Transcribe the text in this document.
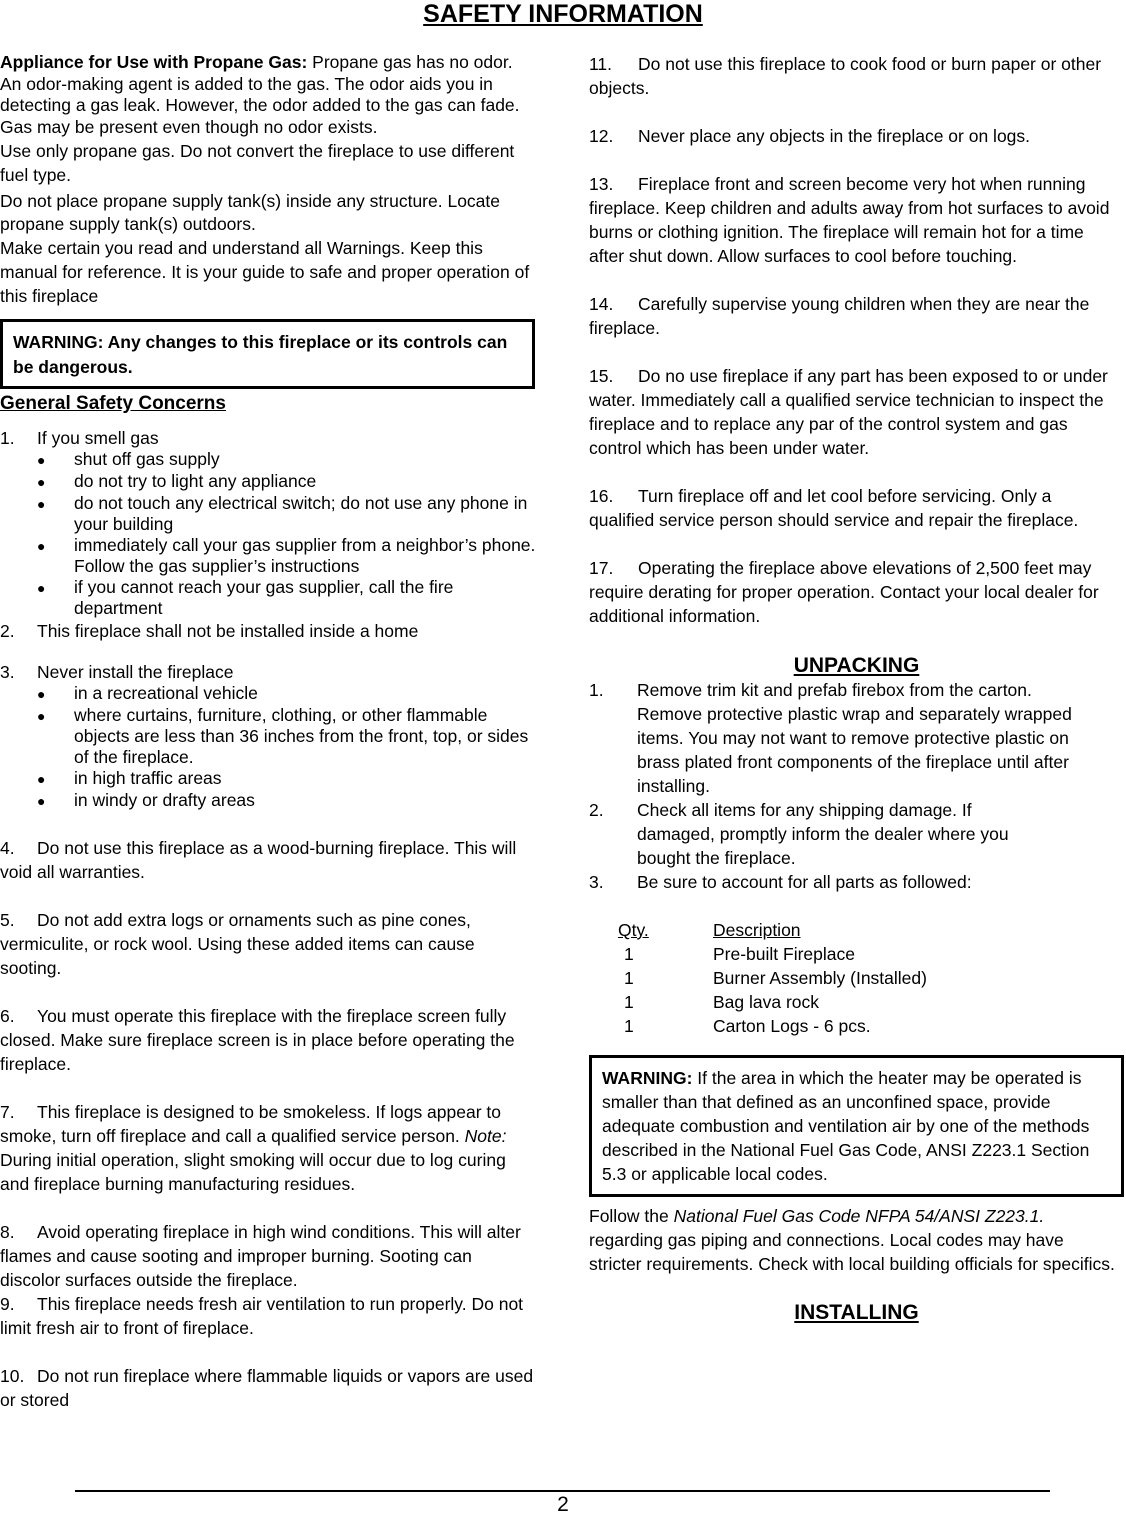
SAFETY INFORMATION

Appliance for Use with Propane Gas: Propane gas has no odor. An odor-making agent is added to the gas. The odor aids you in detecting a gas leak. However, the odor added to the gas can fade. Gas may be present even though no odor exists.

Use only propane gas. Do not convert the fireplace to use different fuel type.

Do not place propane supply tank(s) inside any structure. Locate propane supply tank(s) outdoors.

Make certain you read and understand all Warnings. Keep this manual for reference. It is your guide to safe and proper operation of this fireplace

WARNING: Any changes to this fireplace or its controls can be dangerous.
General Safety Concerns
1. If you smell gas
●	shut off gas supply
●	do not try to light any appliance
●	do not touch any electrical switch; do not use any phone in your building
●	immediately call your gas supplier from a neighbor’s phone. Follow the gas supplier’s instructions
●	if you cannot reach your gas supplier, call the fire department
2. This fireplace shall not be installed inside a home
3. Never install the fireplace
●	in a recreational vehicle
●	where curtains, furniture, clothing, or other flammable objects are less than 36 inches from the front, top, or sides of the fireplace.
●	in high traffic areas
●	in windy or drafty areas
4. Do not use this fireplace as a wood-burning fireplace. This will void all warranties.
5. Do not add extra logs or ornaments such as pine cones, vermiculite, or rock wool. Using these added items can cause sooting.
6. You must operate this fireplace with the fireplace screen fully closed. Make sure fireplace screen is in place before operating the fireplace.
7. This fireplace is designed to be smokeless. If logs appear to smoke, turn off fireplace and call a qualified service person. Note: During initial operation, slight smoking will occur due to log curing and fireplace burning manufacturing residues.
8. Avoid operating fireplace in high wind conditions. This will alter flames and cause sooting and improper burning. Sooting can discolor surfaces outside the fireplace.
9. This fireplace needs fresh air ventilation to run properly. Do not limit fresh air to front of fireplace.
10. Do not run fireplace where flammable liquids or vapors are used or stored
11. Do not use this fireplace to cook food or burn paper or other objects.
12. Never place any objects in the fireplace or on logs.
13. Fireplace front and screen become very hot when running fireplace. Keep children and adults away from hot surfaces to avoid burns or clothing ignition. The fireplace will remain hot for a time after shut down. Allow surfaces to cool before touching.
14. Carefully supervise young children when they are near the fireplace.
15. Do no use fireplace if any part has been exposed to or under water. Immediately call a qualified service technician to inspect the fireplace and to replace any par of the control system and gas control which has been under water.
16. Turn fireplace off and let cool before servicing. Only a qualified service person should service and repair the fireplace.
17. Operating the fireplace above elevations of 2,500 feet may require derating for proper operation. Contact your local dealer for additional information.
UNPACKING
1.	Remove trim kit and prefab firebox from the carton. Remove protective plastic wrap and separately wrapped items. You may not want to remove protective plastic on brass plated front components of the fireplace until after installing.
2.	Check all items for any shipping damage. If damaged, promptly inform the dealer where you bought the fireplace.
3.	Be sure to account for all parts as followed:
Qty.	Description
1	Pre-built Fireplace
1	Burner Assembly (Installed)
1	Bag lava rock
1	Carton Logs - 6 pcs.
WARNING: If the area in which the heater may be operated is smaller than that defined as an unconfined space, provide adequate combustion and ventilation air by one of the methods described in the National Fuel Gas Code, ANSI Z223.1 Section 5.3 or applicable local codes.

Follow the National Fuel Gas Code NFPA 54/ANSI Z223.1. regarding gas piping and connections. Local codes may have stricter requirements. Check with local building officials for specifics.

INSTALLING
2
